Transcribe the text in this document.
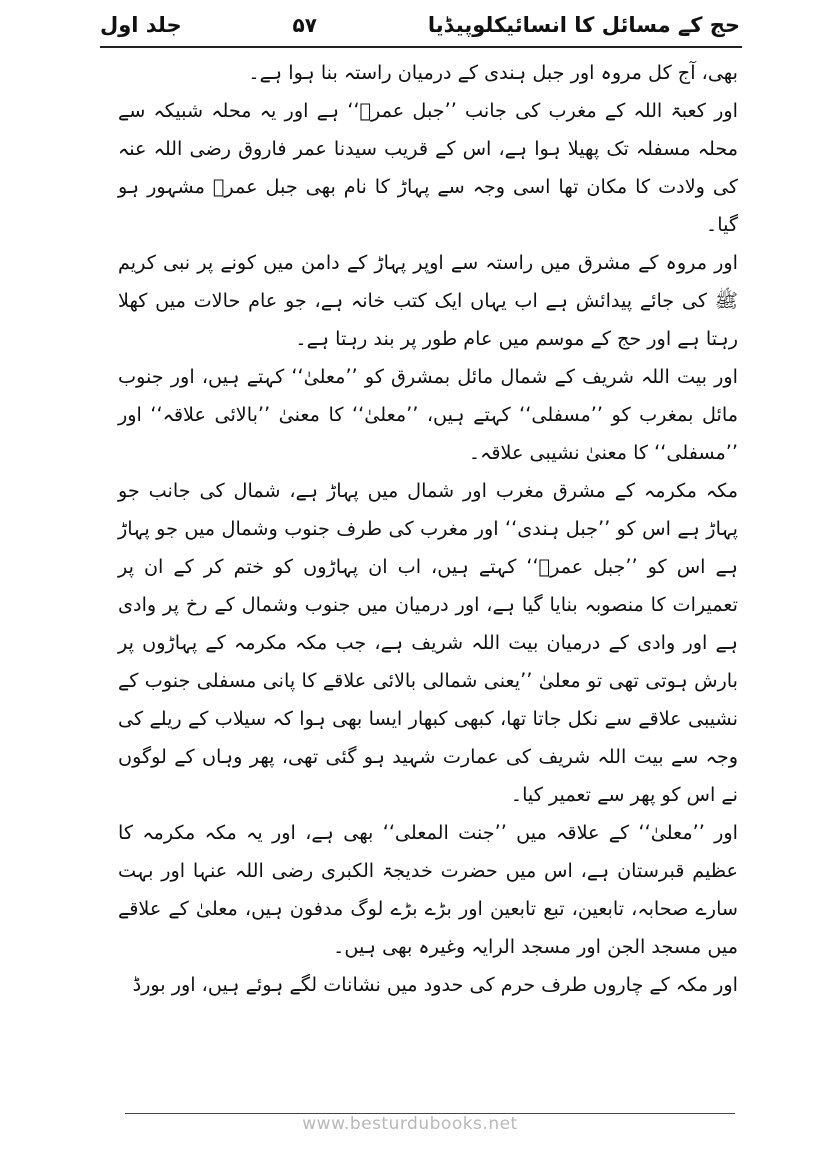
حج کے مسائل کا انسائیکلوپیڈیا
۵۷
جلد اول

بھی، آج کل مروہ اور جبل ہندی کے درمیان راستہ بنا ہوا ہے۔

اور کعبۃ اللہ کے مغرب کی جانب ’’جبل عمرؓ‘‘ ہے اور یہ محلہ شبیکہ سے محلہ مسفلہ تک پھیلا ہوا ہے، اس کے قریب سیدنا عمر فاروق رضی اللہ عنہ کی ولادت کا مکان تھا اسی وجہ سے پہاڑ کا نام بھی جبل عمرؓ مشہور ہو گیا۔

اور مروہ کے مشرق میں راستہ سے اوپر پہاڑ کے دامن میں کونے پر نبی کریم ﷺ کی جائے پیدائش ہے اب یہاں ایک کتب خانہ ہے، جو عام حالات میں کھلا رہتا ہے اور حج کے موسم میں عام طور پر بند رہتا ہے۔

اور بیت اللہ شریف کے شمال مائل بمشرق کو ’’معلیٰ‘‘ کہتے ہیں، اور جنوب مائل بمغرب کو ’’مسفلی‘‘ کہتے ہیں، ’’معلیٰ‘‘ کا معنیٰ ’’بالائی علاقہ‘‘ اور ’’مسفلی‘‘ کا معنیٰ نشیبی علاقہ۔

مکہ مکرمہ کے مشرق مغرب اور شمال میں پہاڑ ہے، شمال کی جانب جو پہاڑ ہے اس کو ’’جبل ہندی‘‘ اور مغرب کی طرف جنوب وشمال میں جو پہاڑ ہے اس کو ’’جبل عمرؓ‘‘ کہتے ہیں، اب ان پہاڑوں کو ختم کر کے ان پر تعمیرات کا منصوبہ بنایا گیا ہے، اور درمیان میں جنوب وشمال کے رخ پر وادی ہے اور وادی کے درمیان بیت اللہ شریف ہے، جب مکہ مکرمہ کے پہاڑوں پر بارش ہوتی تھی تو معلیٰ ’’یعنی شمالی بالائی علاقے کا پانی مسفلی جنوب کے نشیبی علاقے سے نکل جاتا تھا، کبھی کبھار ایسا بھی ہوا کہ سیلاب کے ریلے کی وجہ سے بیت اللہ شریف کی عمارت شہید ہو گئی تھی، پھر وہاں کے لوگوں نے اس کو پھر سے تعمیر کیا۔

اور ’’معلیٰ‘‘ کے علاقہ میں ’’جنت المعلی‘‘ بھی ہے، اور یہ مکہ مکرمہ کا عظیم قبرستان ہے، اس میں حضرت خدیجۃ الکبری رضی اللہ عنہا اور بہت سارے صحابہ، تابعین، تبع تابعین اور بڑے بڑے لوگ مدفون ہیں، معلیٰ کے علاقے میں مسجد الجن اور مسجد الرایہ وغیرہ بھی ہیں۔

اور مکہ کے چاروں طرف حرم کی حدود میں نشانات لگے ہوئے ہیں، اور بورڈ

www.besturdubooks.net
